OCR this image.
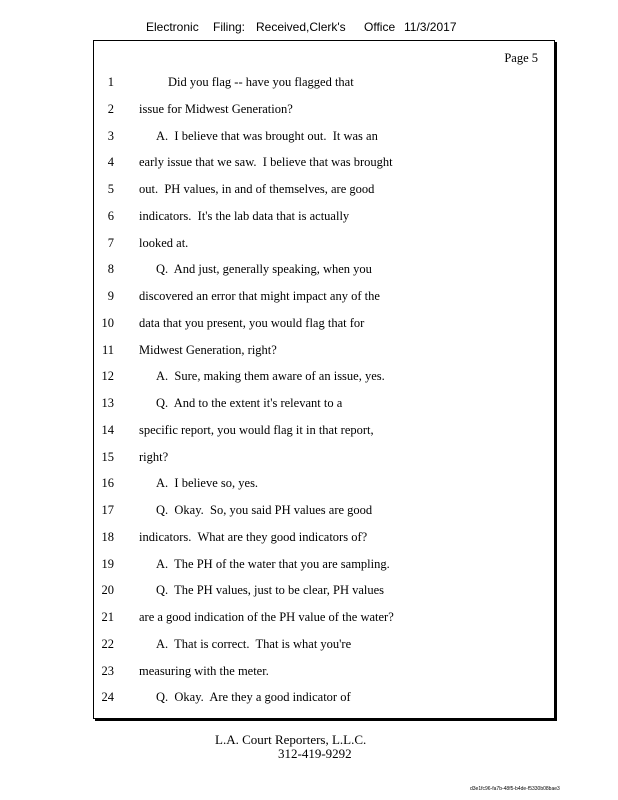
Electronic Filing: Received,Clerk's Office 11/3/2017
Page 5
1	Did you flag -- have you flagged that
2 issue for Midwest Generation?
3	A.  I believe that was brought out.  It was an
4 early issue that we saw.  I believe that was brought
5 out.  PH values, in and of themselves, are good
6 indicators.  It's the lab data that is actually
7 looked at.
8	Q.  And just, generally speaking, when you
9 discovered an error that might impact any of the
10 data that you present, you would flag that for
11 Midwest Generation, right?
12	A.  Sure, making them aware of an issue, yes.
13	Q.  And to the extent it's relevant to a
14 specific report, you would flag it in that report,
15 right?
16	A.  I believe so, yes.
17	Q.  Okay.  So, you said PH values are good
18 indicators.  What are they good indicators of?
19	A.  The PH of the water that you are sampling.
20	Q.  The PH values, just to be clear, PH values
21 are a good indication of the PH value of the water?
22	A.  That is correct.  That is what you're
23 measuring with the meter.
24	Q.  Okay.  Are they a good indicator of
L.A. Court Reporters, L.L.C.
312-419-9292
d3e1fc96-fa7b-48f5-b4de-f5330b08bae3
